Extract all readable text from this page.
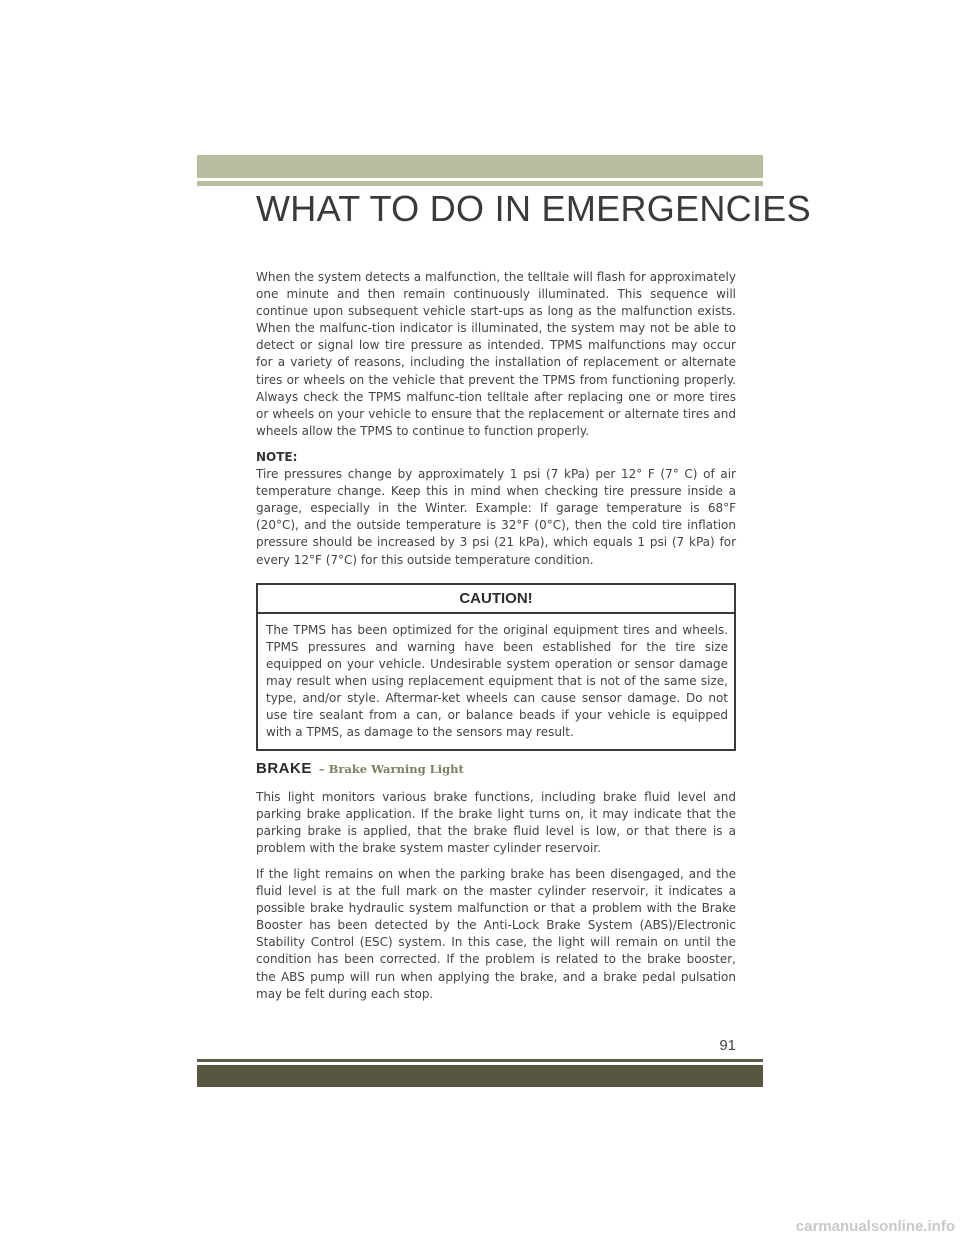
WHAT TO DO IN EMERGENCIES

When the system detects a malfunction, the telltale will flash for approximately one minute and then remain continuously illuminated. This sequence will continue upon subsequent vehicle start-ups as long as the malfunction exists. When the malfunc-tion indicator is illuminated, the system may not be able to detect or signal low tire pressure as intended. TPMS malfunctions may occur for a variety of reasons, including the installation of replacement or alternate tires or wheels on the vehicle that prevent the TPMS from functioning properly. Always check the TPMS malfunc-tion telltale after replacing one or more tires or wheels on your vehicle to ensure that the replacement or alternate tires and wheels allow the TPMS to continue to function properly.

NOTE:

Tire pressures change by approximately 1 psi (7 kPa) per 12° F (7° C) of air temperature change. Keep this in mind when checking tire pressure inside a garage, especially in the Winter. Example: If garage temperature is 68°F (20°C), and the outside temperature is 32°F (0°C), then the cold tire inflation pressure should be increased by 3 psi (21 kPa), which equals 1 psi (7 kPa) for every 12°F (7°C) for this outside temperature condition.

CAUTION!
The TPMS has been optimized for the original equipment tires and wheels. TPMS pressures and warning have been established for the tire size equipped on your vehicle. Undesirable system operation or sensor damage may result when using replacement equipment that is not of the same size, type, and/or style. Aftermar-ket wheels can cause sensor damage. Do not use tire sealant from a can, or balance beads if your vehicle is equipped with a TPMS, as damage to the sensors may result.
BRAKE – Brake Warning Light

This light monitors various brake functions, including brake fluid level and parking brake application. If the brake light turns on, it may indicate that the parking brake is applied, that the brake fluid level is low, or that there is a problem with the brake system master cylinder reservoir.

If the light remains on when the parking brake has been disengaged, and the fluid level is at the full mark on the master cylinder reservoir, it indicates a possible brake hydraulic system malfunction or that a problem with the Brake Booster has been detected by the Anti-Lock Brake System (ABS)/Electronic Stability Control (ESC) system. In this case, the light will remain on until the condition has been corrected. If the problem is related to the brake booster, the ABS pump will run when applying the brake, and a brake pedal pulsation may be felt during each stop.

91
carmanualsonline.info
